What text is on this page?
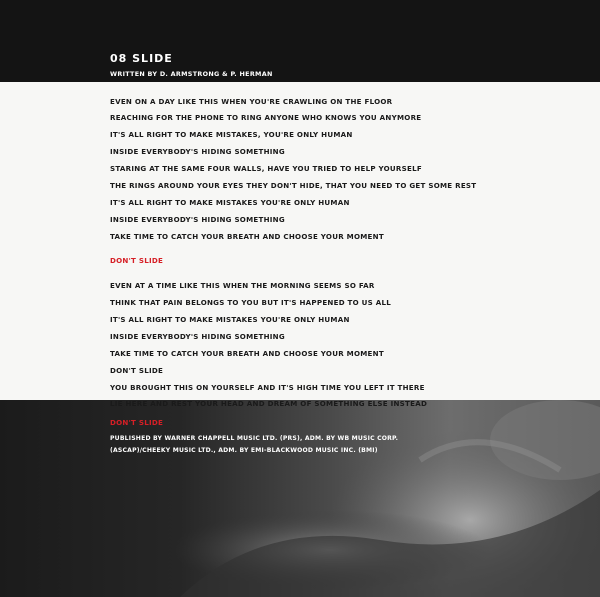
08 SLIDE
WRITTEN BY D. ARMSTRONG & P. HERMAN
EVEN ON A DAY LIKE THIS WHEN YOU'RE CRAWLING ON THE FLOOR
REACHING FOR THE PHONE TO RING ANYONE WHO KNOWS YOU ANYMORE
IT'S ALL RIGHT TO MAKE MISTAKES, YOU'RE ONLY HUMAN
INSIDE EVERYBODY'S HIDING SOMETHING
STARING AT THE SAME FOUR WALLS, HAVE YOU TRIED TO HELP YOURSELF
THE RINGS AROUND YOUR EYES THEY DON'T HIDE, THAT YOU NEED TO GET SOME REST
IT'S ALL RIGHT TO MAKE MISTAKES YOU'RE ONLY HUMAN
INSIDE EVERYBODY'S HIDING SOMETHING
TAKE TIME TO CATCH YOUR BREATH AND CHOOSE YOUR MOMENT
DON'T SLIDE
EVEN AT A TIME LIKE THIS WHEN THE MORNING SEEMS SO FAR
THINK THAT PAIN BELONGS TO YOU BUT IT'S HAPPENED TO US ALL
IT'S ALL RIGHT TO MAKE MISTAKES YOU'RE ONLY HUMAN
INSIDE EVERYBODY'S HIDING SOMETHING
TAKE TIME TO CATCH YOUR BREATH AND CHOOSE YOUR MOMENT
DON'T SLIDE
YOU BROUGHT THIS ON YOURSELF AND IT'S HIGH TIME YOU LEFT IT THERE
LIE HERE AND REST YOUR HEAD AND DREAM OF SOMETHING ELSE INSTEAD
DON'T SLIDE
PUBLISHED BY WARNER CHAPPELL MUSIC LTD. (PRS), ADM. BY WB MUSIC CORP.
(ASCAP)/CHEEKY MUSIC LTD., ADM. BY EMI-BLACKWOOD MUSIC INC. (BMI)
